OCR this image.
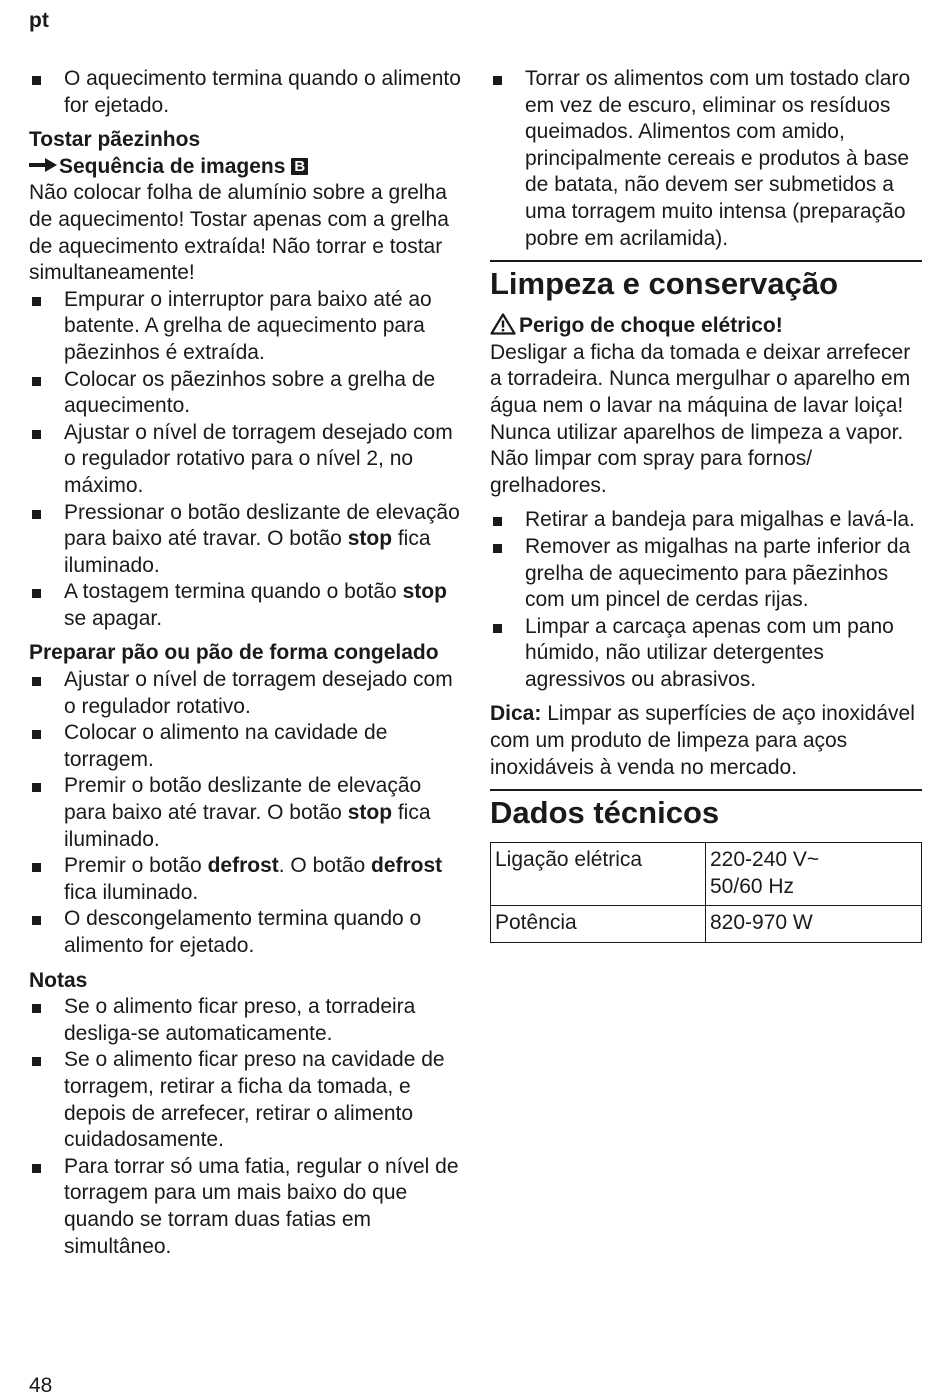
pt
O aquecimento termina quando o alimento for ejetado.

Tostar pãezinhos

Sequência de imagens B

Não colocar folha de alumínio sobre a grelha de aquecimento! Tostar apenas com a grelha de aquecimento extraída! Não torrar e tostar simultaneamente!

Empurar o interruptor para baixo até ao batente. A grelha de aquecimento para pãezinhos é extraída.
Colocar os pãezinhos sobre a grelha de aquecimento.
Ajustar o nível de torragem desejado com o regulador rotativo para o nível 2, no máximo.
Pressionar o botão deslizante de elevação para baixo até travar. O botão stop fica iluminado.
A tostagem termina quando o botão stop se apagar.

Preparar pão ou pão de forma congelado

Ajustar o nível de torragem desejado com o regulador rotativo.
Colocar o alimento na cavidade de torragem.
Premir o botão deslizante de elevação para baixo até travar. O botão stop fica iluminado.
Premir o botão defrost. O botão defrost fica iluminado.
O descongelamento termina quando o alimento for ejetado.

Notas

Se o alimento ficar preso, a torradeira desliga-se automaticamente.
Se o alimento ficar preso na cavidade de torragem, retirar a ficha da tomada, e depois de arrefecer, retirar o alimento cuidadosamente.
Para torrar só uma fatia, regular o nível de torragem para um mais baixo do que quando se torram duas fatias em simultâneo.
Torrar os alimentos com um tostado claro em vez de escuro, eliminar os resíduos queimados. Alimentos com amido, principalmente cereais e produtos à base de batata, não devem ser submetidos a uma torragem muito intensa (preparação pobre em acrilamida).
Limpeza e conservação

Perigo de choque elétrico!

Desligar a ficha da tomada e deixar arrefecer a torradeira. Nunca mergulhar o aparelho em água nem o lavar na máquina de lavar loiça!

Nunca utilizar aparelhos de limpeza a vapor. Não limpar com spray para fornos/ grelhadores.

Retirar a bandeja para migalhas e lavá-la.
Remover as migalhas na parte inferior da grelha de aquecimento para pãezinhos com um pincel de cerdas rijas.
Limpar a carcaça apenas com um pano húmido, não utilizar detergentes agressivos ou abrasivos.

Dica: Limpar as superfícies de aço inoxidável com um produto de limpeza para aços inoxidáveis à venda no mercado.

Dados técnicos
Ligação elétrica	220-240 V~
50/60 Hz

Potência	820-970 W
48
